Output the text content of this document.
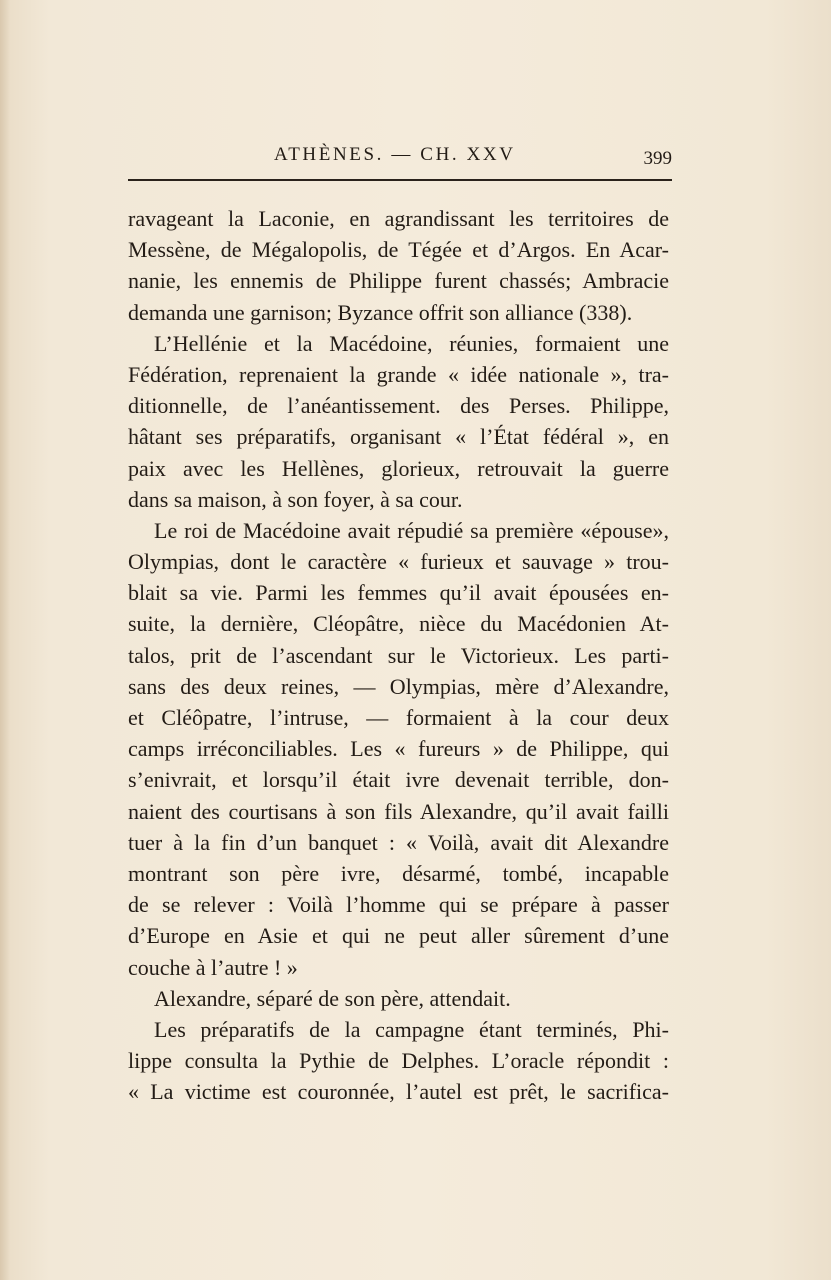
ATHÈNES. — CH. XXV	399
ravageant la Laconie, en agrandissant les territoires de
Messène, de Mégalopolis, de Tégée et d’Argos. En Acar-
nanie, les ennemis de Philippe furent chassés; Ambracie
demanda une garnison; Byzance offrit son alliance (338).
L’Hellénie et la Macédoine, réunies, formaient une
Fédération, reprenaient la grande « idée nationale », tra-
ditionnelle, de l’anéantissement. des Perses. Philippe,
hâtant ses préparatifs, organisant « l’État fédéral », en
paix avec les Hellènes, glorieux, retrouvait la guerre
dans sa maison, à son foyer, à sa cour.
Le roi de Macédoine avait répudié sa première «épouse»,
Olympias, dont le caractère « furieux et sauvage » trou-
blait sa vie. Parmi les femmes qu’il avait épousées en-
suite, la dernière, Cléopâtre, nièce du Macédonien At-
talos, prit de l’ascendant sur le Victorieux. Les parti-
sans des deux reines, — Olympias, mère d’Alexandre,
et Cléôpatre, l’intruse, — formaient à la cour deux
camps irréconciliables. Les « fureurs » de Philippe, qui
s’enivrait, et lorsqu’il était ivre devenait terrible, don-
naient des courtisans à son fils Alexandre, qu’il avait failli
tuer à la fin d’un banquet : « Voilà, avait dit Alexandre
montrant son père ivre, désarmé, tombé, incapable
de se relever : Voilà l’homme qui se prépare à passer
d’Europe en Asie et qui ne peut aller sûrement d’une
couche à l’autre ! »
Alexandre, séparé de son père, attendait.
Les préparatifs de la campagne étant terminés, Phi-
lippe consulta la Pythie de Delphes. L’oracle répondit :
« La victime est couronnée, l’autel est prêt, le sacrifica-
